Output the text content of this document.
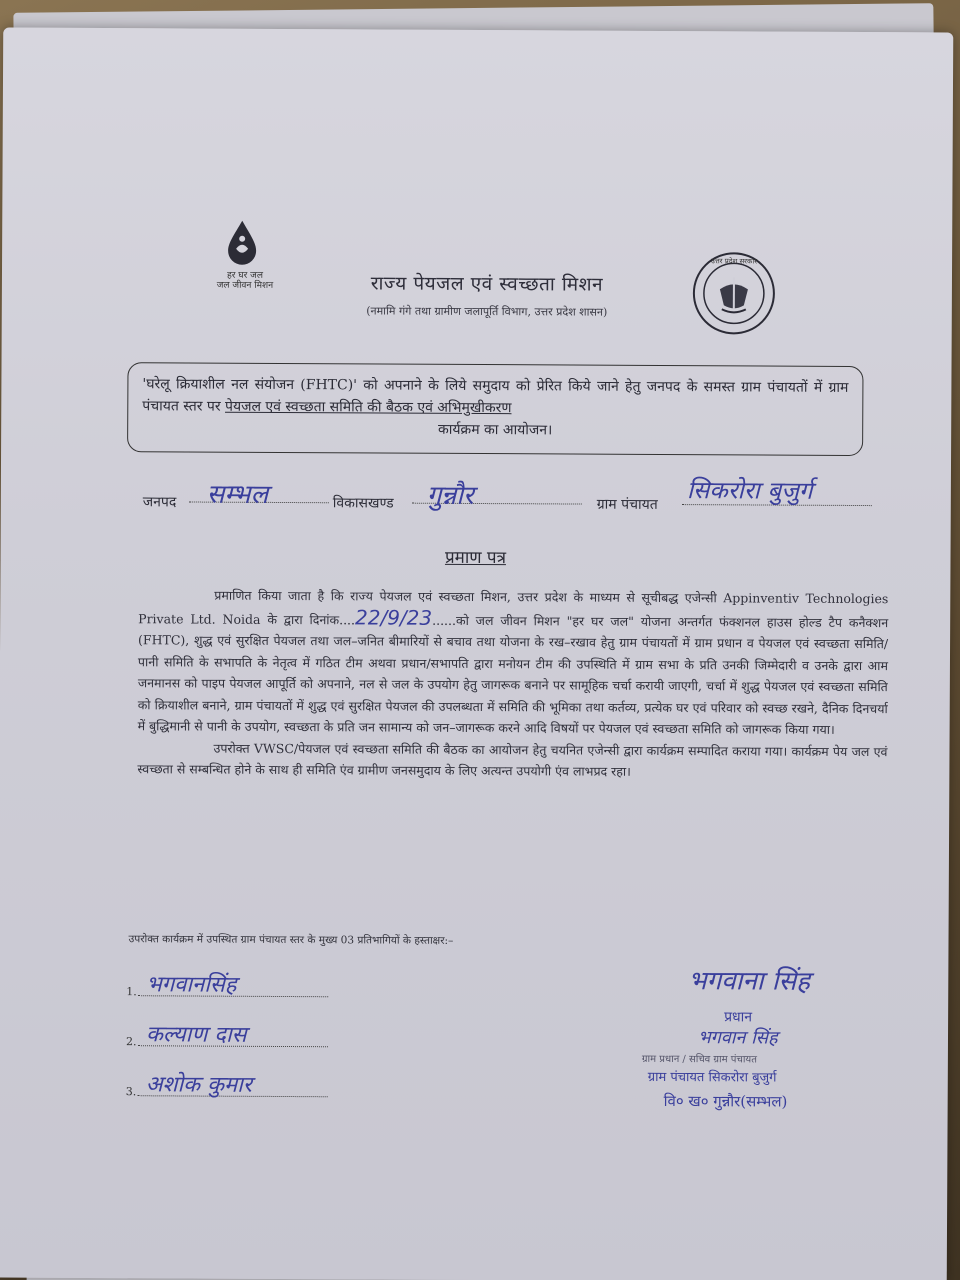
हर घर जल
जल जीवन मिशन	राज्य पेयजल एवं स्वच्छता मिशन
(नमामि गंगे तथा ग्रामीण जलापूर्ति विभाग, उत्तर प्रदेश शासन)
उत्तर प्रदेश सरकार
'घरेलू क्रियाशील नल संयोजन (FHTC)' को अपनाने के लिये समुदाय को प्रेरित किये जाने हेतु जनपद के समस्त ग्राम पंचायतों में ग्राम पंचायत स्तर पर पेयजल एवं स्वच्छता समिति की बैठक एवं अभिमुखीकरण
कार्यक्रम का आयोजन।
जनपद सम्भल	विकासखण्ड गुन्नौर	ग्राम पंचायत
सिकरोरा बुजुर्ग
प्रमाण पत्र

प्रमाणित किया जाता है कि राज्य पेयजल एवं स्वच्छता मिशन, उत्तर प्रदेश के माध्यम से सूचीबद्ध एजेन्सी Appinventiv Technologies Private Ltd. Noida के द्वारा दिनांक....22/9/23......को जल जीवन मिशन "हर घर जल" योजना अन्तर्गत फंक्शनल हाउस होल्ड टैप कनैक्शन (FHTC), शुद्ध एवं सुरक्षित पेयजल तथा जल–जनित बीमारियों से बचाव तथा योजना के रख–रखाव हेतु ग्राम पंचायतों में ग्राम प्रधान व पेयजल एवं स्वच्छता समिति/पानी समिति के सभापति के नेतृत्व में गठित टीम अथवा प्रधान/सभापति द्वारा मनोयन टीम की उपस्थिति में ग्राम सभा के प्रति उनकी जिम्मेदारी व उनके द्वारा आम जनमानस को पाइप पेयजल आपूर्ति को अपनाने, नल से जल के उपयोग हेतु जागरूक बनाने पर सामूहिक चर्चा करायी जाएगी, चर्चा में शुद्ध पेयजल एवं स्वच्छता समिति को क्रियाशील बनाने, ग्राम पंचायतों में शुद्ध एवं सुरक्षित पेयजल की उपलब्धता में समिति की भूमिका तथा कर्तव्य, प्रत्येक घर एवं परिवार को स्वच्छ रखने, दैनिक दिनचर्या में बुद्धिमानी से पानी के उपयोग, स्वच्छता के प्रति जन सामान्य को जन–जागरूक करने आदि विषयों पर पेयजल एवं स्वच्छता समिति को जागरूक किया गया।

उपरोक्त VWSC/पेयजल एवं स्वच्छता समिति की बैठक का आयोजन हेतु चयनित एजेन्सी द्वारा कार्यक्रम सम्पादित कराया गया। कार्यक्रम पेय जल एवं स्वच्छता से सम्बन्धित होने के साथ ही समिति एंव ग्रामीण जनसमुदाय के लिए अत्यन्त उपयोगी एंव लाभप्रद रहा।

उपरोक्त कार्यक्रम में उपस्थित ग्राम पंचायत स्तर के मुख्य 03 प्रतिभागियों के हस्ताक्षर:–
1. भगवानसिंह
2. कल्याण दास
3. अशोक कुमार
भगवाना सिंह
प्रधान
भगवान सिंह
ग्राम प्रधान / सचिव ग्राम पंचायत
ग्राम पंचायत सिकरोरा बुजुर्ग
वि० ख० गुन्नौर(सम्भल)
